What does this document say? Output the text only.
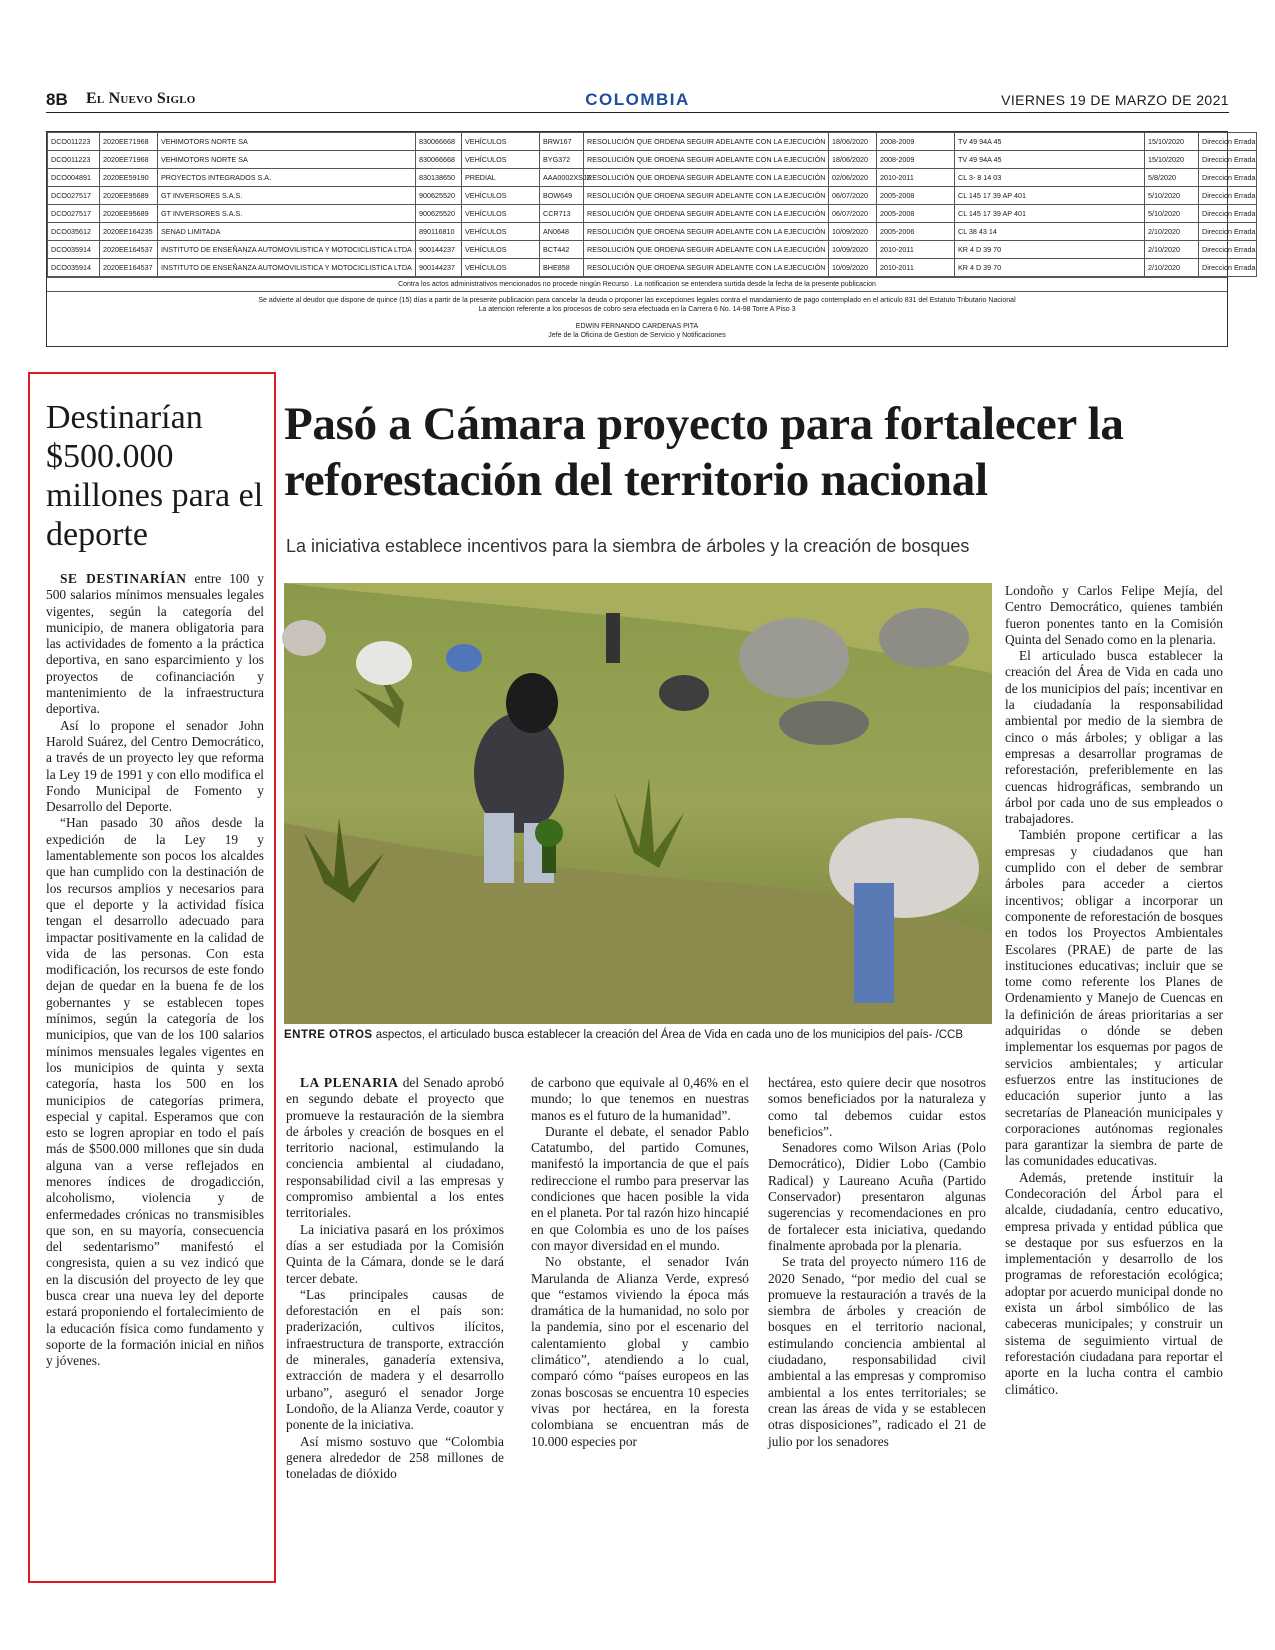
8B El Nuevo Siglo	COLOMBIA	VIERNES 19 DE MARZO DE 2021
DCO011223	2020EE71968	VEHIMOTORS NORTE SA	830066668	VEHÍCULOS	BRW167	RESOLUCIÓN QUE ORDENA SEGUIR ADELANTE CON LA EJECUCIÓN	18/06/2020	2008-2009	TV 49 94A 45	15/10/2020	Direccion Errada
DCO011223	2020EE71968	VEHIMOTORS NORTE SA	830066668	VEHÍCULOS	BYG372	RESOLUCIÓN QUE ORDENA SEGUIR ADELANTE CON LA EJECUCIÓN	18/06/2020	2008-2009	TV 49 94A 45	15/10/2020	Direccion Errada
DCO004891	2020EE59190	PROYECTOS INTEGRADOS S.A.	830138650	PREDIAL	AAA0002XSJZ	RESOLUCIÓN QUE ORDENA SEGUIR ADELANTE CON LA EJECUCIÓN	02/06/2020	2010-2011	CL 3- 8 14 03	5/8/2020	Direccion Errada
DCO027517	2020EE95689	GT INVERSORES S.A.S.	900625520	VEHÍCULOS	BOW649	RESOLUCIÓN QUE ORDENA SEGUIR ADELANTE CON LA EJECUCIÓN	06/07/2020	2005-2008	CL 145 17 39 AP 401	5/10/2020	Direccion Errada
DCO027517	2020EE95689	GT INVERSORES S.A.S.	900625520	VEHÍCULOS	CCR713	RESOLUCIÓN QUE ORDENA SEGUIR ADELANTE CON LA EJECUCIÓN	06/07/2020	2005-2008	CL 145 17 39 AP 401	5/10/2020	Direccion Errada
DCO035612	2020EE164235	SENAD LIMITADA	890116810	VEHÍCULOS	AN0648	RESOLUCIÓN QUE ORDENA SEGUIR ADELANTE CON LA EJECUCIÓN	10/09/2020	2005-2006	CL 38 43 14	2/10/2020	Direccion Errada
DCO035914	2020EE164537	INSTITUTO DE ENSEÑANZA AUTOMOVILISTICA Y MOTOCICLISTICA LTDA	900144237	VEHÍCULOS	BCT442	RESOLUCIÓN QUE ORDENA SEGUIR ADELANTE CON LA EJECUCIÓN	10/09/2020	2010-2011	KR 4 D 39 70	2/10/2020	Direccion Errada
DCO035914	2020EE164537	INSTITUTO DE ENSEÑANZA AUTOMOVILISTICA Y MOTOCICLISTICA LTDA	900144237	VEHÍCULOS	BHE858	RESOLUCIÓN QUE ORDENA SEGUIR ADELANTE CON LA EJECUCIÓN	10/09/2020	2010-2011	KR 4 D 39 70	2/10/2020	Direccion Errada
Contra los actos administrativos mencionados no procede ningún Recurso . La notificacion se entendera surtida desde la fecha de la presente publicacion
Se advierte al deudor que dispone de quince (15) días a partir de la presente publicacion para cancelar la deuda o proponer las excepciones legales contra el mandamiento de pago contemplado en el articulo 831 del Estatuto Tributario Nacional
La atencion referente a los procesos de cobro sera efectuada en la Carrera 6 No. 14-98 Torre A Piso 3
EDWIN FERNANDO CARDENAS PITA
Jefe de la Oficina de Gestion de Servicio y Notificaciones
Destinarían $500.000 millones para el deporte

SE DESTINARÍAN entre 100 y 500 salarios mínimos mensuales legales vigentes, según la categoría del municipio, de manera obligatoria para las actividades de fomento a la práctica deportiva, en sano esparcimiento y los proyectos de cofinanciación y mantenimiento de la infraestructura deportiva.

Así lo propone el senador John Harold Suárez, del Centro Democrático, a través de un proyecto ley que reforma la Ley 19 de 1991 y con ello modifica el Fondo Municipal de Fomento y Desarrollo del Deporte.

“Han pasado 30 años desde la expedición de la Ley 19 y lamentablemente son pocos los alcaldes que han cumplido con la destinación de los recursos amplios y necesarios para que el deporte y la actividad física tengan el desarrollo adecuado para impactar positivamente en la calidad de vida de las personas. Con esta modificación, los recursos de este fondo dejan de quedar en la buena fe de los gobernantes y se establecen topes mínimos, según la categoría de los municipios, que van de los 100 salarios mínimos mensuales legales vigentes en los municipios de quinta y sexta categoría, hasta los 500 en los municipios de categorías primera, especial y capital. Esperamos que con esto se logren apropiar en todo el país más de $500.000 millones que sin duda alguna van a verse reflejados en menores índices de drogadicción, alcoholismo, violencia y de enfermedades crónicas no transmisibles que son, en su mayoría, consecuencia del sedentarismo” manifestó el congresista, quien a su vez indicó que en la discusión del proyecto de ley que busca crear una nueva ley del deporte estará proponiendo el fortalecimiento de la educación física como fundamento y soporte de la formación inicial en niños y jóvenes.

Pasó a Cámara proyecto para fortalecer la reforestación del territorio nacional
La iniciativa establece incentivos para la siembra de árboles y la creación de bosques
ENTRE OTROS aspectos, el articulado busca establecer la creación del Área de Vida en cada uno de los municipios del país- /CCB

LA PLENARIA del Senado aprobó en segundo debate el proyecto que promueve la restauración de la siembra de árboles y creación de bosques en el territorio nacional, estimulando la conciencia ambiental al ciudadano, responsabilidad civil a las empresas y compromiso ambiental a los entes territoriales.

La iniciativa pasará en los próximos días a ser estudiada por la Comisión Quinta de la Cámara, donde se le dará tercer debate.

“Las principales causas de deforestación en el país son: praderización, cultivos ilícitos, infraestructura de transporte, extracción de minerales, ganadería extensiva, extracción de madera y el desarrollo urbano”, aseguró el senador Jorge Londoño, de la Alianza Verde, coautor y ponente de la iniciativa.

Así mismo sostuvo que “Colombia genera alrededor de 258 millones de toneladas de dióxido

de carbono que equivale al 0,46% en el mundo; lo que tenemos en nuestras manos es el futuro de la humanidad”.

Durante el debate, el senador Pablo Catatumbo, del partido Comunes, manifestó la importancia de que el país redireccione el rumbo para preservar las condiciones que hacen posible la vida en el planeta. Por tal razón hizo hincapié en que Colombia es uno de los países con mayor diversidad en el mundo.

No obstante, el senador Iván Marulanda de Alianza Verde, expresó que “estamos viviendo la época más dramática de la humanidad, no solo por la pandemia, sino por el escenario del calentamiento global y cambio climático”, atendiendo a lo cual, comparó cómo “países europeos en las zonas boscosas se encuentra 10 especies vivas por hectárea, en la foresta colombiana se encuentran más de 10.000 especies por

hectárea, esto quiere decir que nosotros somos beneficiados por la naturaleza y como tal debemos cuidar estos beneficios”.

Senadores como Wilson Arias (Polo Democrático), Didier Lobo (Cambio Radical) y Laureano Acuña (Partido Conservador) presentaron algunas sugerencias y recomendaciones en pro de fortalecer esta iniciativa, quedando finalmente aprobada por la plenaria.

Se trata del proyecto número 116 de 2020 Senado, “por medio del cual se promueve la restauración a través de la siembra de árboles y creación de bosques en el territorio nacional, estimulando conciencia ambiental al ciudadano, responsabilidad civil ambiental a las empresas y compromiso ambiental a los entes territoriales; se crean las áreas de vida y se establecen otras disposiciones”, radicado el 21 de julio por los senadores

Londoño y Carlos Felipe Mejía, del Centro Democrático, quienes también fueron ponentes tanto en la Comisión Quinta del Senado como en la plenaria.

El articulado busca establecer la creación del Área de Vida en cada uno de los municipios del país; incentivar en la ciudadanía la responsabilidad ambiental por medio de la siembra de cinco o más árboles; y obligar a las empresas a desarrollar programas de reforestación, preferiblemente en las cuencas hidrográficas, sembrando un árbol por cada uno de sus empleados o trabajadores.

También propone certificar a las empresas y ciudadanos que han cumplido con el deber de sembrar árboles para acceder a ciertos incentivos; obligar a incorporar un componente de reforestación de bosques en todos los Proyectos Ambientales Escolares (PRAE) de parte de las instituciones educativas; incluir que se tome como referente los Planes de Ordenamiento y Manejo de Cuencas en la definición de áreas prioritarias a ser adquiridas o dónde se deben implementar los esquemas por pagos de servicios ambientales; y articular esfuerzos entre las instituciones de educación superior junto a las secretarías de Planeación municipales y corporaciones autónomas regionales para garantizar la siembra de parte de las comunidades educativas.

Además, pretende instituir la Condecoración del Árbol para el alcalde, ciudadanía, centro educativo, empresa privada y entidad pública que se destaque por sus esfuerzos en la implementación y desarrollo de los programas de reforestación ecológica; adoptar por acuerdo municipal donde no exista un árbol simbólico de las cabeceras municipales; y construir un sistema de seguimiento virtual de reforestación ciudadana para reportar el aporte en la lucha contra el cambio climático.
